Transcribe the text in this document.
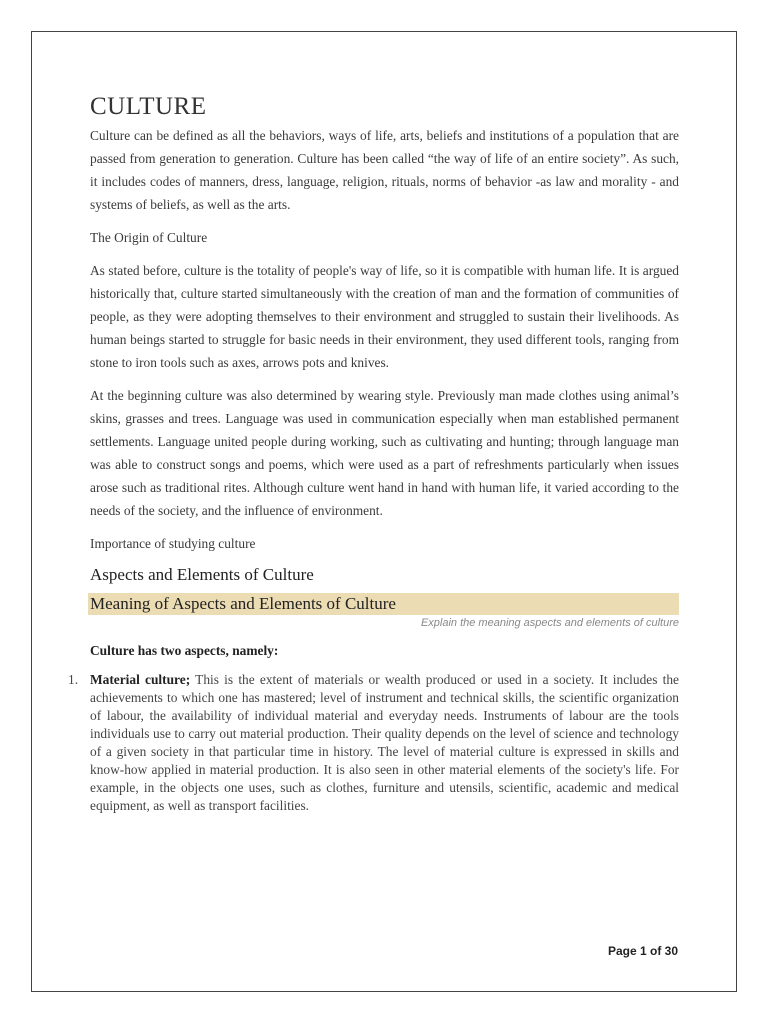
CULTURE

Culture can be defined as all the behaviors, ways of life, arts, beliefs and institutions of a population that are passed from generation to generation. Culture has been called “the way of life of an entire society”. As such, it includes codes of manners, dress, language, religion, rituals, norms of behavior -as law and morality - and systems of beliefs, as well as the arts.

The Origin of Culture

As stated before, culture is the totality of people's way of life, so it is compatible with human life. It is argued historically that, culture started simultaneously with the creation of man and the formation of communities of people, as they were adopting themselves to their environment and struggled to sustain their livelihoods. As human beings started to struggle for basic needs in their environment, they used different tools, ranging from stone to iron tools such as axes, arrows pots and knives.

At the beginning culture was also determined by wearing style. Previously man made clothes using animal’s skins, grasses and trees. Language was used in communication especially when man established permanent settlements. Language united people during working, such as cultivating and hunting; through language man was able to construct songs and poems, which were used as a part of refreshments particularly when issues arose such as traditional rites. Although culture went hand in hand with human life, it varied according to the needs of the society, and the influence of environment.

Importance of studying culture

Aspects and Elements of Culture
Meaning of Aspects and Elements of Culture
Explain the meaning aspects and elements of culture
Culture has two aspects, namely:
1. Material culture; This is the extent of materials or wealth produced or used in a society. It includes the achievements to which one has mastered; level of instrument and technical skills, the scientific organization of labour, the availability of individual material and everyday needs. Instruments of labour are the tools individuals use to carry out material production. Their quality depends on the level of science and technology of a given society in that particular time in history. The level of material culture is expressed in skills and know-how applied in material production. It is also seen in other material elements of the society's life. For example, in the objects one uses, such as clothes, furniture and utensils, scientific, academic and medical equipment, as well as transport facilities.
Page 1 of 30
